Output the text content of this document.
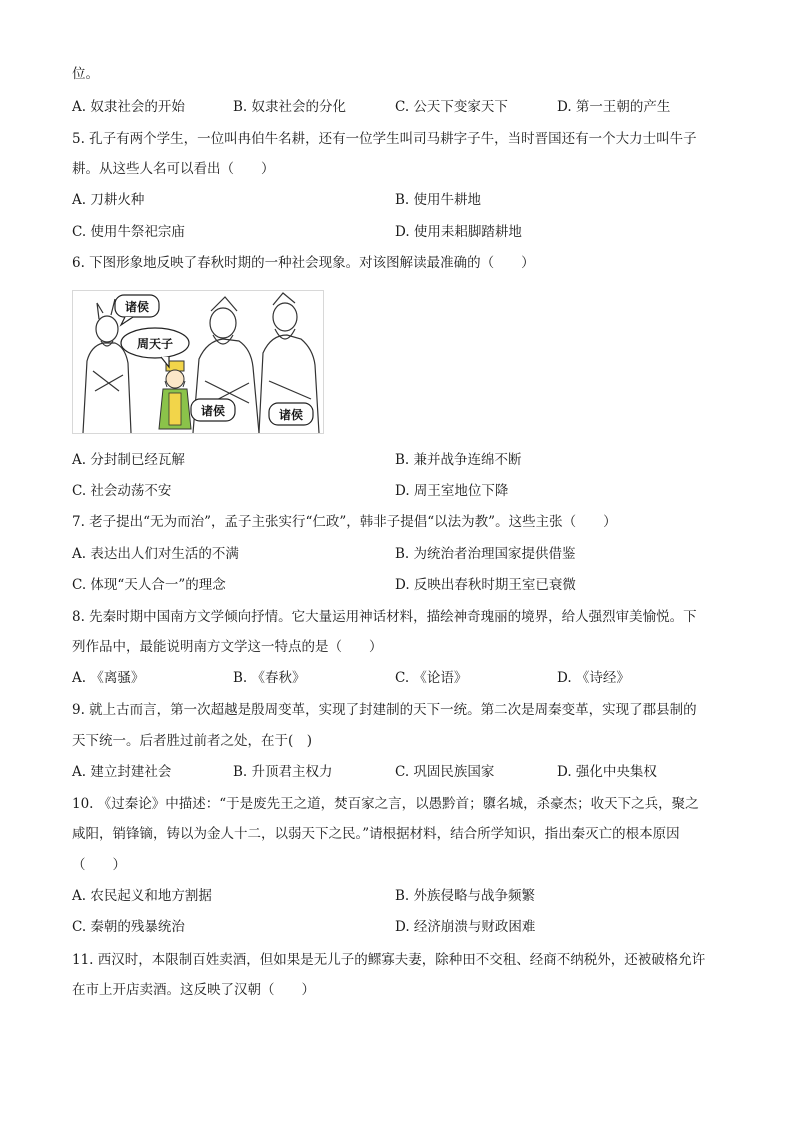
位。
A. 奴隶社会的开始	B. 奴隶社会的分化	C. 公天下变家天下	D. 第一王朝的产生
5. 孔子有两个学生，一位叫冉伯牛名耕，还有一位学生叫司马耕字子牛，当时晋国还有一个大力士叫牛子
耕。从这些人名可以看出（　　）
A. 刀耕火种	B. 使用牛耕地
C. 使用牛祭祀宗庙	D. 使用耒耜脚踏耕地
6. 下图形象地反映了春秋时期的一种社会现象。对该图解读最准确的（　　）
诸侯
周天子
诸侯	诸侯
A. 分封制已经瓦解	B. 兼并战争连绵不断
C. 社会动荡不安	D. 周王室地位下降
7. 老子提出“无为而治”，孟子主张实行“仁政”，韩非子提倡“以法为教”。这些主张（　　）
A. 表达出人们对生活的不满	B. 为统治者治理国家提供借鉴
C. 体现“天人合一”的理念	D. 反映出春秋时期王室已衰微
8. 先秦时期中国南方文学倾向抒情。它大量运用神话材料，描绘神奇瑰丽的境界，给人强烈审美愉悦。下
列作品中，最能说明南方文学这一特点的是（　　）
A. 《离骚》	B. 《春秋》	C. 《论语》	D. 《诗经》
9. 就上古而言，第一次超越是殷周变革，实现了封建制的天下一统。第二次是周秦变革，实现了郡县制的
天下统一。后者胜过前者之处，在于(　)
A. 建立封建社会	B. 升顶君主权力	C. 巩固民族国家	D. 强化中央集权
10. 《过秦论》中描述：“于是废先王之道，焚百家之言，以愚黔首；隳名城，杀豪杰；收天下之兵，聚之
咸阳，销锋镝，铸以为金人十二，以弱天下之民。”请根据材料，结合所学知识，指出秦灭亡的根本原因
（　　）
A. 农民起义和地方割据	B. 外族侵略与战争频繁
C. 秦朝的残暴统治	D. 经济崩溃与财政困难
11. 西汉时，本限制百姓卖酒，但如果是无儿子的鳏寡夫妻，除种田不交租、经商不纳税外，还被破格允许
在市上开店卖酒。这反映了汉朝（　　）
